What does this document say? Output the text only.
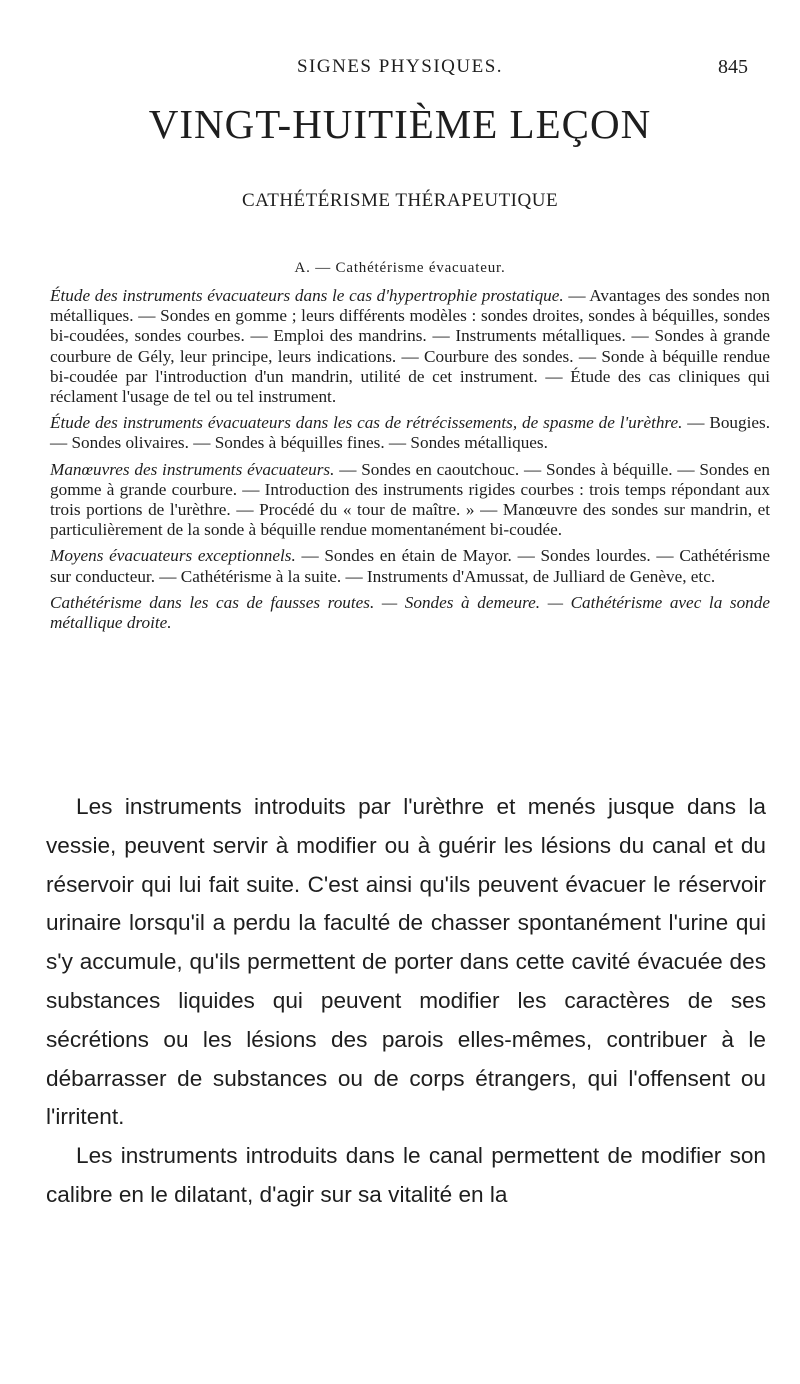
SIGNES PHYSIQUES.	845
VINGT-HUITIÈME LEÇON
CATHÉTÉRISME THÉRAPEUTIQUE
A. — Cathétérisme évacuateur.

Étude des instruments évacuateurs dans le cas d'hypertrophie prostatique. — Avantages des sondes non métalliques. — Sondes en gomme ; leurs différents modèles : sondes droites, sondes à béquilles, sondes bi-coudées, sondes courbes. — Emploi des mandrins. — Instruments métalliques. — Sondes à grande courbure de Gély, leur principe, leurs indications. — Courbure des sondes. — Sonde à béquille rendue bi-coudée par l'introduction d'un mandrin, utilité de cet instrument. — Étude des cas cliniques qui réclament l'usage de tel ou tel instrument.

Étude des instruments évacuateurs dans les cas de rétrécissements, de spasme de l'urèthre. — Bougies. — Sondes olivaires. — Sondes à béquilles fines. — Sondes métalliques.

Manœuvres des instruments évacuateurs. — Sondes en caoutchouc. — Sondes à béquille. — Sondes en gomme à grande courbure. — Introduction des instruments rigides courbes : trois temps répondant aux trois portions de l'urèthre. — Procédé du « tour de maître. » — Manœuvre des sondes sur mandrin, et particulièrement de la sonde à béquille rendue momentanément bi-coudée.

Moyens évacuateurs exceptionnels. — Sondes en étain de Mayor. — Sondes lourdes. — Cathétérisme sur conducteur. — Cathétérisme à la suite. — Instruments d'Amussat, de Julliard de Genève, etc.

Cathétérisme dans les cas de fausses routes. — Sondes à demeure. — Cathétérisme avec la sonde métallique droite.

Les instruments introduits par l'urèthre et menés jusque dans la vessie, peuvent servir à modifier ou à guérir les lésions du canal et du réservoir qui lui fait suite. C'est ainsi qu'ils peuvent évacuer le réservoir urinaire lorsqu'il a perdu la faculté de chasser spontanément l'urine qui s'y accumule, qu'ils permettent de porter dans cette cavité évacuée des substances liquides qui peuvent modifier les caractères de ses sécrétions ou les lésions des parois elles-mêmes, contribuer à le débarrasser de substances ou de corps étrangers, qui l'offensent ou l'irritent.

Les instruments introduits dans le canal permettent de modifier son calibre en le dilatant, d'agir sur sa vitalité en la
